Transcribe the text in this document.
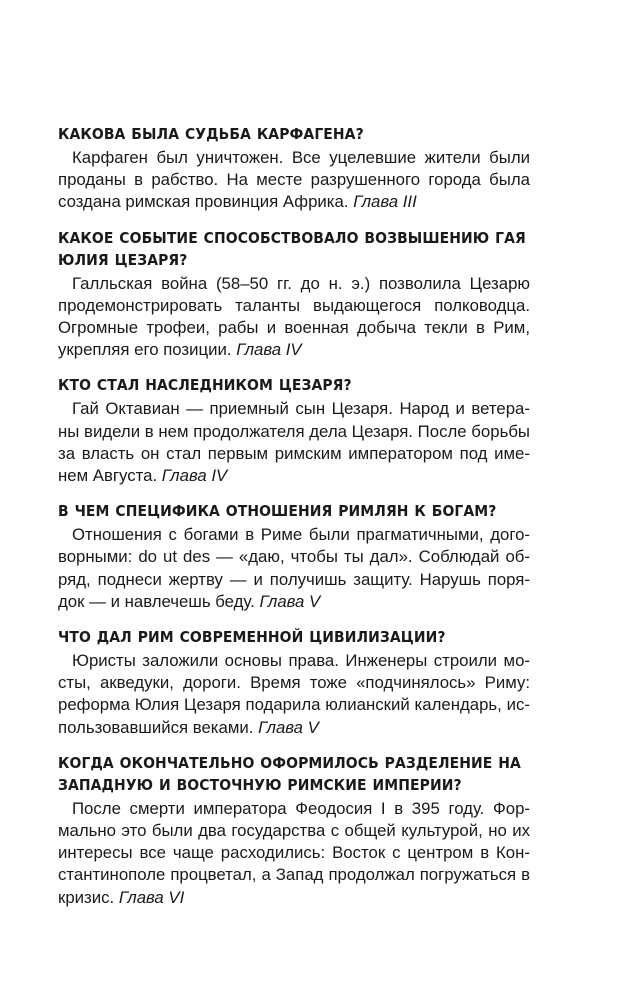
КАКОВА БЫЛА СУДЬБА КАРФАГЕНА?

Карфаген был уничтожен. Все уцелевшие жители были проданы в рабство. На месте разрушенного города была создана римская провинция Африка. Глава III

КАКОЕ СОБЫТИЕ СПОСОБСТВОВАЛО ВОЗВЫШЕНИЮ ГАЯ ЮЛИЯ ЦЕЗАРЯ?

Галльская война (58–50 гг. до н. э.) позволила Цезарю продемонстрировать таланты выдающегося полководца. Огромные трофеи, рабы и военная добыча текли в Рим, укрепляя его позиции. Глава IV

КТО СТАЛ НАСЛЕДНИКОМ ЦЕЗАРЯ?

Гай Октавиан — приемный сын Цезаря. Народ и ветераны видели в нем продолжателя дела Цезаря. После борьбы за власть он стал первым римским императором под именем Августа. Глава IV

В ЧЕМ СПЕЦИФИКА ОТНОШЕНИЯ РИМЛЯН К БОГАМ?

Отношения с богами в Риме были прагматичными, договорными: do ut des — «даю, чтобы ты дал». Соблюдай обряд, поднеси жертву — и получишь защиту. Нарушь порядок — и навлечешь беду. Глава V

ЧТО ДАЛ РИМ СОВРЕМЕННОЙ ЦИВИЛИЗАЦИИ?

Юристы заложили основы права. Инженеры строили мосты, акведуки, дороги. Время тоже «подчинялось» Риму: реформа Юлия Цезаря подарила юлианский календарь, использовавшийся веками. Глава V

КОГДА ОКОНЧАТЕЛЬНО ОФОРМИЛОСЬ РАЗДЕЛЕНИЕ НА ЗАПАДНУЮ И ВОСТОЧНУЮ РИМСКИЕ ИМПЕРИИ?

После смерти императора Феодосия I в 395 году. Формально это были два государства с общей культурой, но их интересы все чаще расходились: Восток с центром в Константинополе процветал, а Запад продолжал погружаться в кризис. Глава VI
